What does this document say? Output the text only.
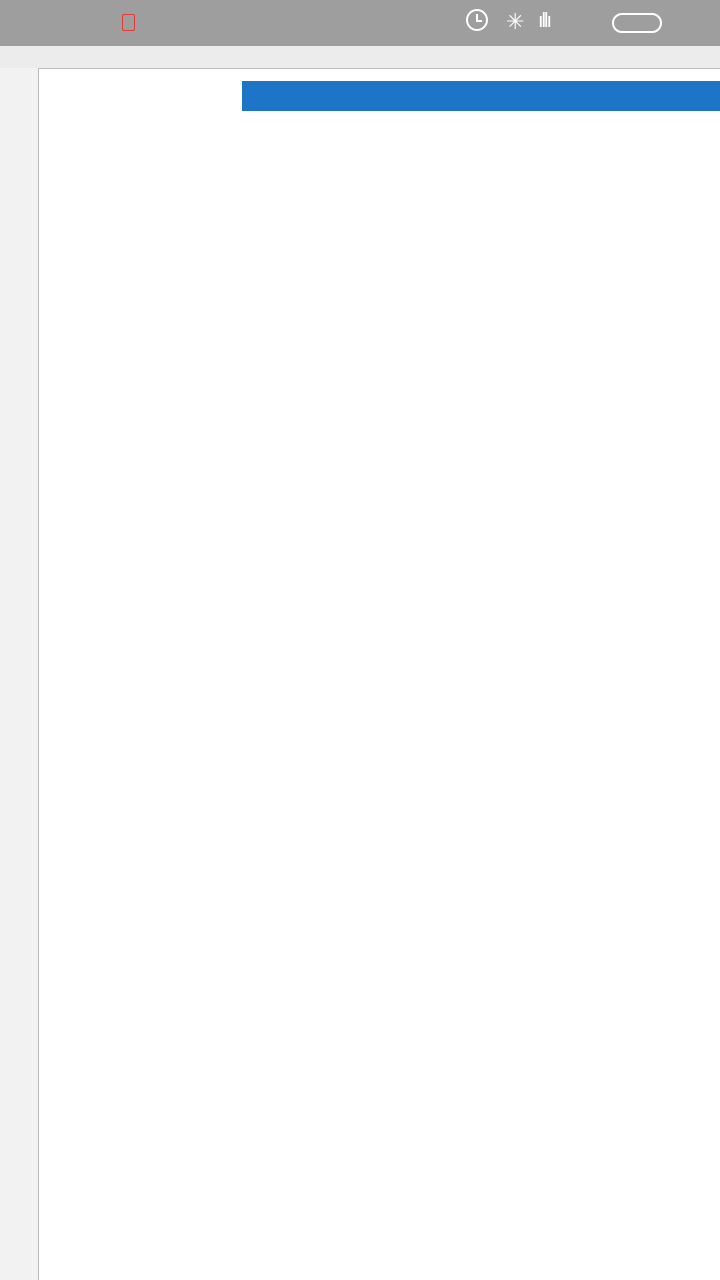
✳ ıllı
